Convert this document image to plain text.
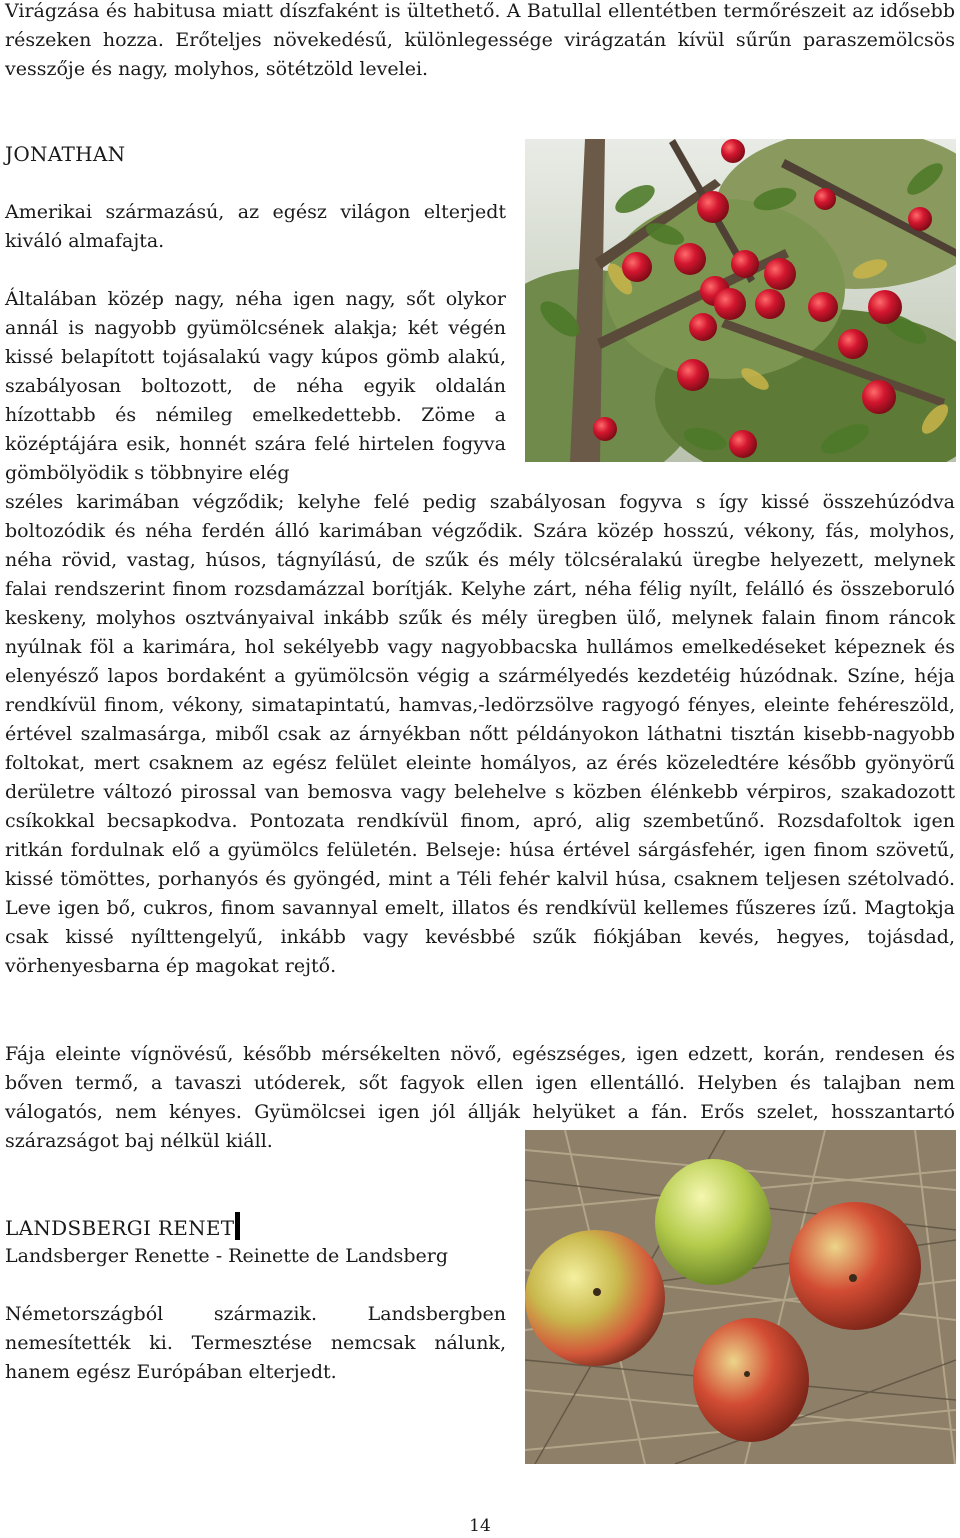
Virágzása és habitusa miatt díszfaként is ültethető. A Batullal ellentétben termőrészeit az idősebb részeken hozza. Erőteljes növekedésű, különlegessége virágzatán kívül sűrűn paraszemölcsös vesszője és nagy, molyhos, sötétzöld levelei.

JONATHAN

Amerikai származású, az egész világon elterjedt kiváló almafajta.

Általában közép nagy, néha igen nagy, sőt olykor annál is nagyobb gyümölcsének alakja; két végén kissé belapított tojásalakú vagy kúpos gömb alakú, szabályosan boltozott, de néha egyik oldalán hízottabb és némileg emelkedettebb. Zöme a középtájára esik, honnét szára felé hirtelen fogyva gömbölyödik s többnyire elég

széles karimában végződik; kelyhe felé pedig szabályosan fogyva s így kissé összehúzódva boltozódik és néha ferdén álló karimában végződik. Szára közép hosszú, vékony, fás, molyhos, néha rövid, vastag, húsos, tágnyílású, de szűk és mély tölcséralakú üregbe helyezett, melynek falai rendszerint finom rozsdamázzal borítják. Kelyhe zárt, néha félig nyílt, felálló és összeboruló keskeny, molyhos osztványaival inkább szűk és mély üregben ülő, melynek falain finom ráncok nyúlnak föl a karimára, hol sekélyebb vagy nagyobbacska hullámos emelkedéseket képeznek és elenyésző lapos bordaként a gyümölcsön végig a szármélyedés kezdetéig húzódnak. Színe, héja rendkívül finom, vékony, simatapintatú, hamvas,-ledörzsölve ragyogó fényes, eleinte fehéreszöld, értével szalmasárga, miből csak az árnyékban nőtt példányokon láthatni tisztán kisebb-nagyobb foltokat, mert csaknem az egész felület eleinte homályos, az érés közeledtére később gyönyörű derületre változó pirossal van bemosva vagy belehelve s közben élénkebb vérpiros, szakadozott csíkokkal becsapkodva. Pontozata rendkívül finom, apró, alig szembetűnő. Rozsdafoltok igen ritkán fordulnak elő a gyümölcs felületén. Belseje: húsa értével sárgásfehér, igen finom szövetű, kissé tömöttes, porhanyós és gyöngéd, mint a Téli fehér kalvil húsa, csaknem teljesen szétolvadó. Leve igen bő, cukros, finom savannyal emelt, illatos és rendkívül kellemes fűszeres ízű. Magtokja csak kissé nyílttengelyű, inkább vagy kevésbbé szűk fiókjában kevés, hegyes, tojásdad, vörhenyesbarna ép magokat rejtő.

Fája eleinte vígnövésű, később mérsékelten növő, egészséges, igen edzett, korán, rendesen és bőven termő, a tavaszi utóderek, sőt fagyok ellen igen ellentálló. Helyben és talajban nem válogatós, nem kényes. Gyümölcsei igen jól állják helyüket a fán. Erős szelet, hosszantartó szárazságot baj nélkül kiáll.

LANDSBERGI RENET

Landsberger Renette - Reinette de Landsberg

Németországból származik. Landsbergben nemesítették ki. Termesztése nemcsak nálunk, hanem egész Európában elterjedt.

14
